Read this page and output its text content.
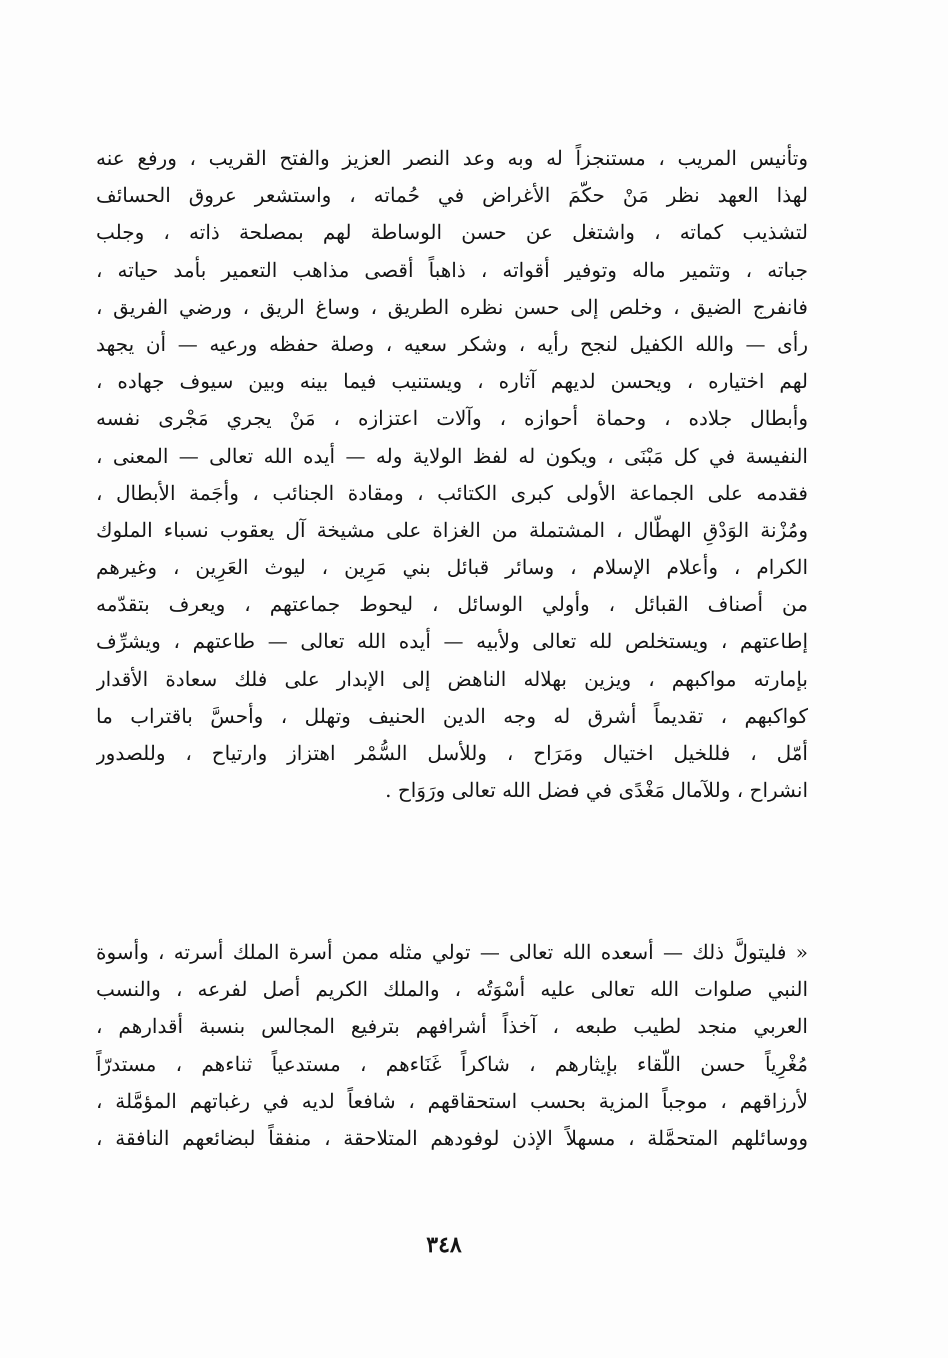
وتأنيس المريب ، مستنجزاً له وبه وعد النصر العزيز والفتح القريب ، ورفع عنه
لهذا العهد نظر مَنْ حكّمَ الأغراض في حُماته ، واستشعر عروق الحسائف
لتشذيب كماته ، واشتغل عن حسن الوساطة لهم بمصلحة ذاته ، وجلب
جباته ، وتثمير ماله وتوفير أقواته ، ذاهباً أقصى مذاهب التعمير بأمد حياته ،
فانفرج الضيق ، وخلص إلى حسن نظره الطريق ، وساغ الريق ، ورضي الفريق ،
رأى — والله الكفيل لنجح رأيه ، وشكر سعيه ، وصلة حفظه ورعيه — أن يجهد
لهم اختياره ، ويحسن لديهم آثاره ، ويستنيب فيما بينه وبين سيوف جهاده ،
وأبطال جلاده ، وحماة أحوازه ، وآلات اعتزازه ، مَنْ يجري مَجْرى نفسه
النفيسة في كل مَبْنَى ، ويكون له لفظ الولاية وله — أيده الله تعالى — المعنى ،
فقدمه على الجماعة الأولى كبرى الكتائب ، ومقادة الجنائب ، وأجَمة الأبطال ،
ومُزْنة الوَدْقِ الهطّال ، المشتملة من الغزاة على مشيخة آل يعقوب نسباء الملوك
الكرام ، وأعلام الإسلام ، وسائر قبائل بني مَرِين ، ليوث العَرِين ، وغيرهم
من أصناف القبائل ، وأولي الوسائل ، ليحوط جماعتهم ، ويعرف بتقدّمه
إطاعتهم ، ويستخلص لله تعالى ولأبيه — أيده الله تعالى — طاعتهم ، ويشرِّف
بإمارته مواكبهم ، ويزين بهلاله الناهض إلى الإبدار على فلك سعادة الأقدار
كواكبهم ، تقديماً أشرق له وجه الدين الحنيف وتهلل ، وأحسَّ باقتراب ما
أمّل ، فللخيل اختيال ومَرَاح ، وللأسل السُّمْر اهتزاز وارتياح ، وللصدور
انشراح ، وللآمال مَغْدًى في فضل الله تعالى ورَوَاح .
« فليتولَّ ذلك — أسعده الله تعالى — تولي مثله ممن أسرة الملك أسرته ، وأسوة
النبي صلوات الله تعالى عليه أسْوَتُه ، والملك الكريم أصل لفرعه ، والنسب
العربي منجد لطيب طبعه ، آخذاً أشرافهم بترفيع المجالس بنسبة أقدارهم ،
مُغْرِياً حسن اللّقاء بإيثارهم ، شاكراً غَنَاءهم ، مستدعياً ثناءهم ، مستدرّاً
لأرزاقهم ، موجباً المزية بحسب استحقاقهم ، شافعاً لديه في رغباتهم المؤمَّلة ،
ووسائلهم المتحمَّلة ، مسهلاً الإذن لوفودهم المتلاحقة ، منفقاً لبضائعهم النافقة ،
٣٤٨
